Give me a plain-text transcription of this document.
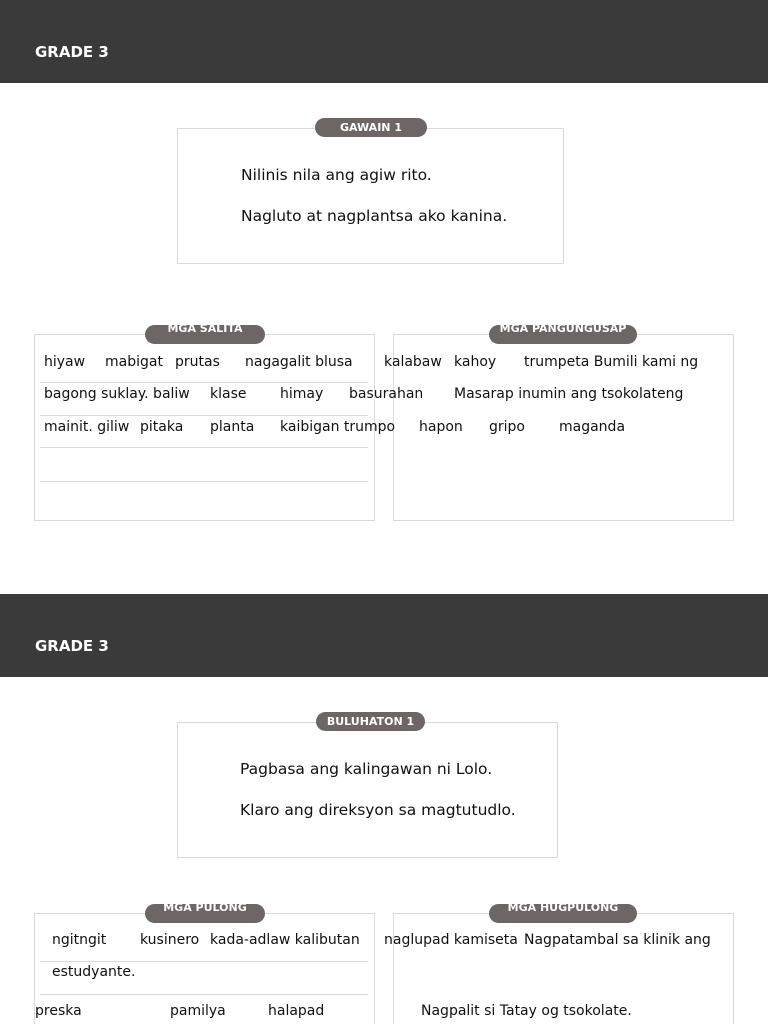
GRADE 3
GAWAIN 1
Nilinis nila ang agiw rito.
Nagluto at nagplantsa ako kanina.
MGA SALITA	MGA PANGUNGUSAP
hiyaw mabigat prutas nagagalit blusa kalabaw kahoy trumpeta Bumili kami ng
bagong suklay. baliw klase himay basurahan Masarap inumin ang tsokolateng
mainit. giliw pitaka planta kaibigan trumpo hapon gripo maganda
GRADE 3
BULUHATON 1
Pagbasa ang kalingawan ni Lolo.
Klaro ang direksyon sa magtutudlo.
MGA PULONG	MGA HUGPULONG
ngitngit kusinero kada-adlaw kalibutan naglupad kamiseta Nagpatambal sa klinik ang
estudyante.
preska	pamilya	halapad	Nagpalit si Tatay og tsokolate.
